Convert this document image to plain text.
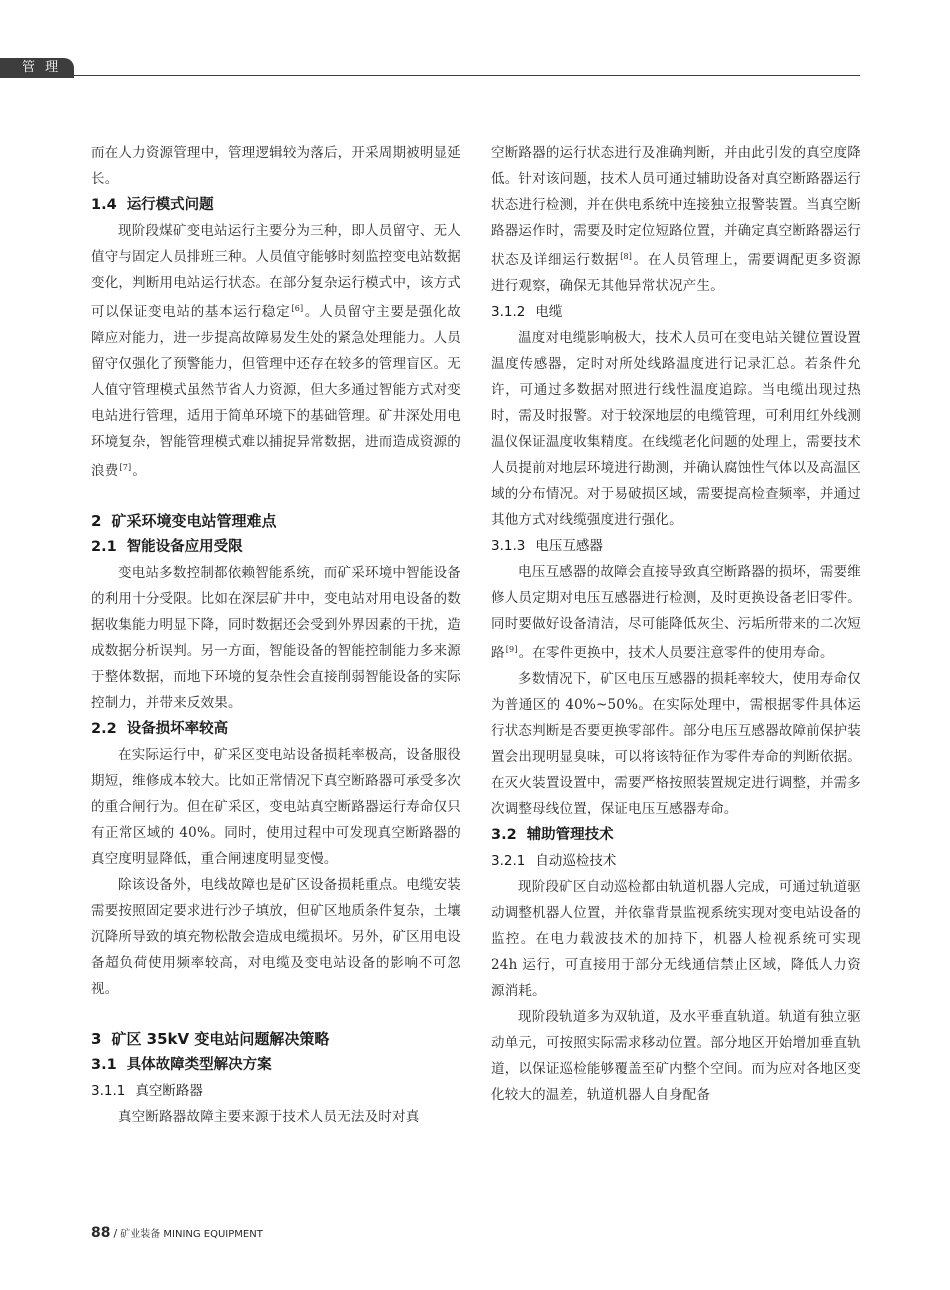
管 理

而在人力资源管理中，管理逻辑较为落后，开采周期被明显延长。

1.4 运行模式问题

现阶段煤矿变电站运行主要分为三种，即人员留守、无人值守与固定人员排班三种。人员值守能够时刻监控变电站数据变化，判断用电站运行状态。在部分复杂运行模式中，该方式可以保证变电站的基本运行稳定[6]。人员留守主要是强化故障应对能力，进一步提高故障易发生处的紧急处理能力。人员留守仅强化了预警能力，但管理中还存在较多的管理盲区。无人值守管理模式虽然节省人力资源，但大多通过智能方式对变电站进行管理，适用于简单环境下的基础管理。矿井深处用电环境复杂，智能管理模式难以捕捉异常数据，进而造成资源的浪费[7]。

2 矿采环境变电站管理难点
2.1 智能设备应用受限

变电站多数控制都依赖智能系统，而矿采环境中智能设备的利用十分受限。比如在深层矿井中，变电站对用电设备的数据收集能力明显下降，同时数据还会受到外界因素的干扰，造成数据分析误判。另一方面，智能设备的智能控制能力多来源于整体数据，而地下环境的复杂性会直接削弱智能设备的实际控制力，并带来反效果。

2.2 设备损坏率较高

在实际运行中，矿采区变电站设备损耗率极高，设备服役期短，维修成本较大。比如正常情况下真空断路器可承受多次的重合闸行为。但在矿采区，变电站真空断路器运行寿命仅只有正常区域的 40%。同时，使用过程中可发现真空断路器的真空度明显降低，重合闸速度明显变慢。

除该设备外，电线故障也是矿区设备损耗重点。电缆安装需要按照固定要求进行沙子填放，但矿区地质条件复杂，土壤沉降所导致的填充物松散会造成电缆损坏。另外，矿区用电设备超负荷使用频率较高，对电缆及变电站设备的影响不可忽视。

3 矿区 35kV 变电站问题解决策略
3.1 具体故障类型解决方案
3.1.1 真空断路器

真空断路器故障主要来源于技术人员无法及时对真

空断路器的运行状态进行及准确判断，并由此引发的真空度降低。针对该问题，技术人员可通过辅助设备对真空断路器运行状态进行检测，并在供电系统中连接独立报警装置。当真空断路器运作时，需要及时定位短路位置，并确定真空断路器运行状态及详细运行数据[8]。在人员管理上，需要调配更多资源进行观察，确保无其他异常状况产生。

3.1.2 电缆

温度对电缆影响极大，技术人员可在变电站关键位置设置温度传感器，定时对所处线路温度进行记录汇总。若条件允许，可通过多数据对照进行线性温度追踪。当电缆出现过热时，需及时报警。对于较深地层的电缆管理，可利用红外线测温仪保证温度收集精度。在线缆老化问题的处理上，需要技术人员提前对地层环境进行勘测，并确认腐蚀性气体以及高温区域的分布情况。对于易破损区域，需要提高检查频率，并通过其他方式对线缆强度进行强化。

3.1.3 电压互感器

电压互感器的故障会直接导致真空断路器的损坏，需要维修人员定期对电压互感器进行检测，及时更换设备老旧零件。同时要做好设备清洁，尽可能降低灰尘、污垢所带来的二次短路[9]。在零件更换中，技术人员要注意零件的使用寿命。

多数情况下，矿区电压互感器的损耗率较大，使用寿命仅为普通区的 40%~50%。在实际处理中，需根据零件具体运行状态判断是否要更换零部件。部分电压互感器故障前保护装置会出现明显臭味，可以将该特征作为零件寿命的判断依据。在灭火装置设置中，需要严格按照装置规定进行调整，并需多次调整母线位置，保证电压互感器寿命。

3.2 辅助管理技术
3.2.1 自动巡检技术

现阶段矿区自动巡检都由轨道机器人完成，可通过轨道驱动调整机器人位置，并依靠背景监视系统实现对变电站设备的监控。在电力载波技术的加持下，机器人检视系统可实现 24h 运行，可直接用于部分无线通信禁止区域，降低人力资源消耗。

现阶段轨道多为双轨道，及水平垂直轨道。轨道有独立驱动单元，可按照实际需求移动位置。部分地区开始增加垂直轨道，以保证巡检能够覆盖至矿内整个空间。而为应对各地区变化较大的温差，轨道机器人自身配备

88 / 矿业装备 MINING EQUIPMENT
